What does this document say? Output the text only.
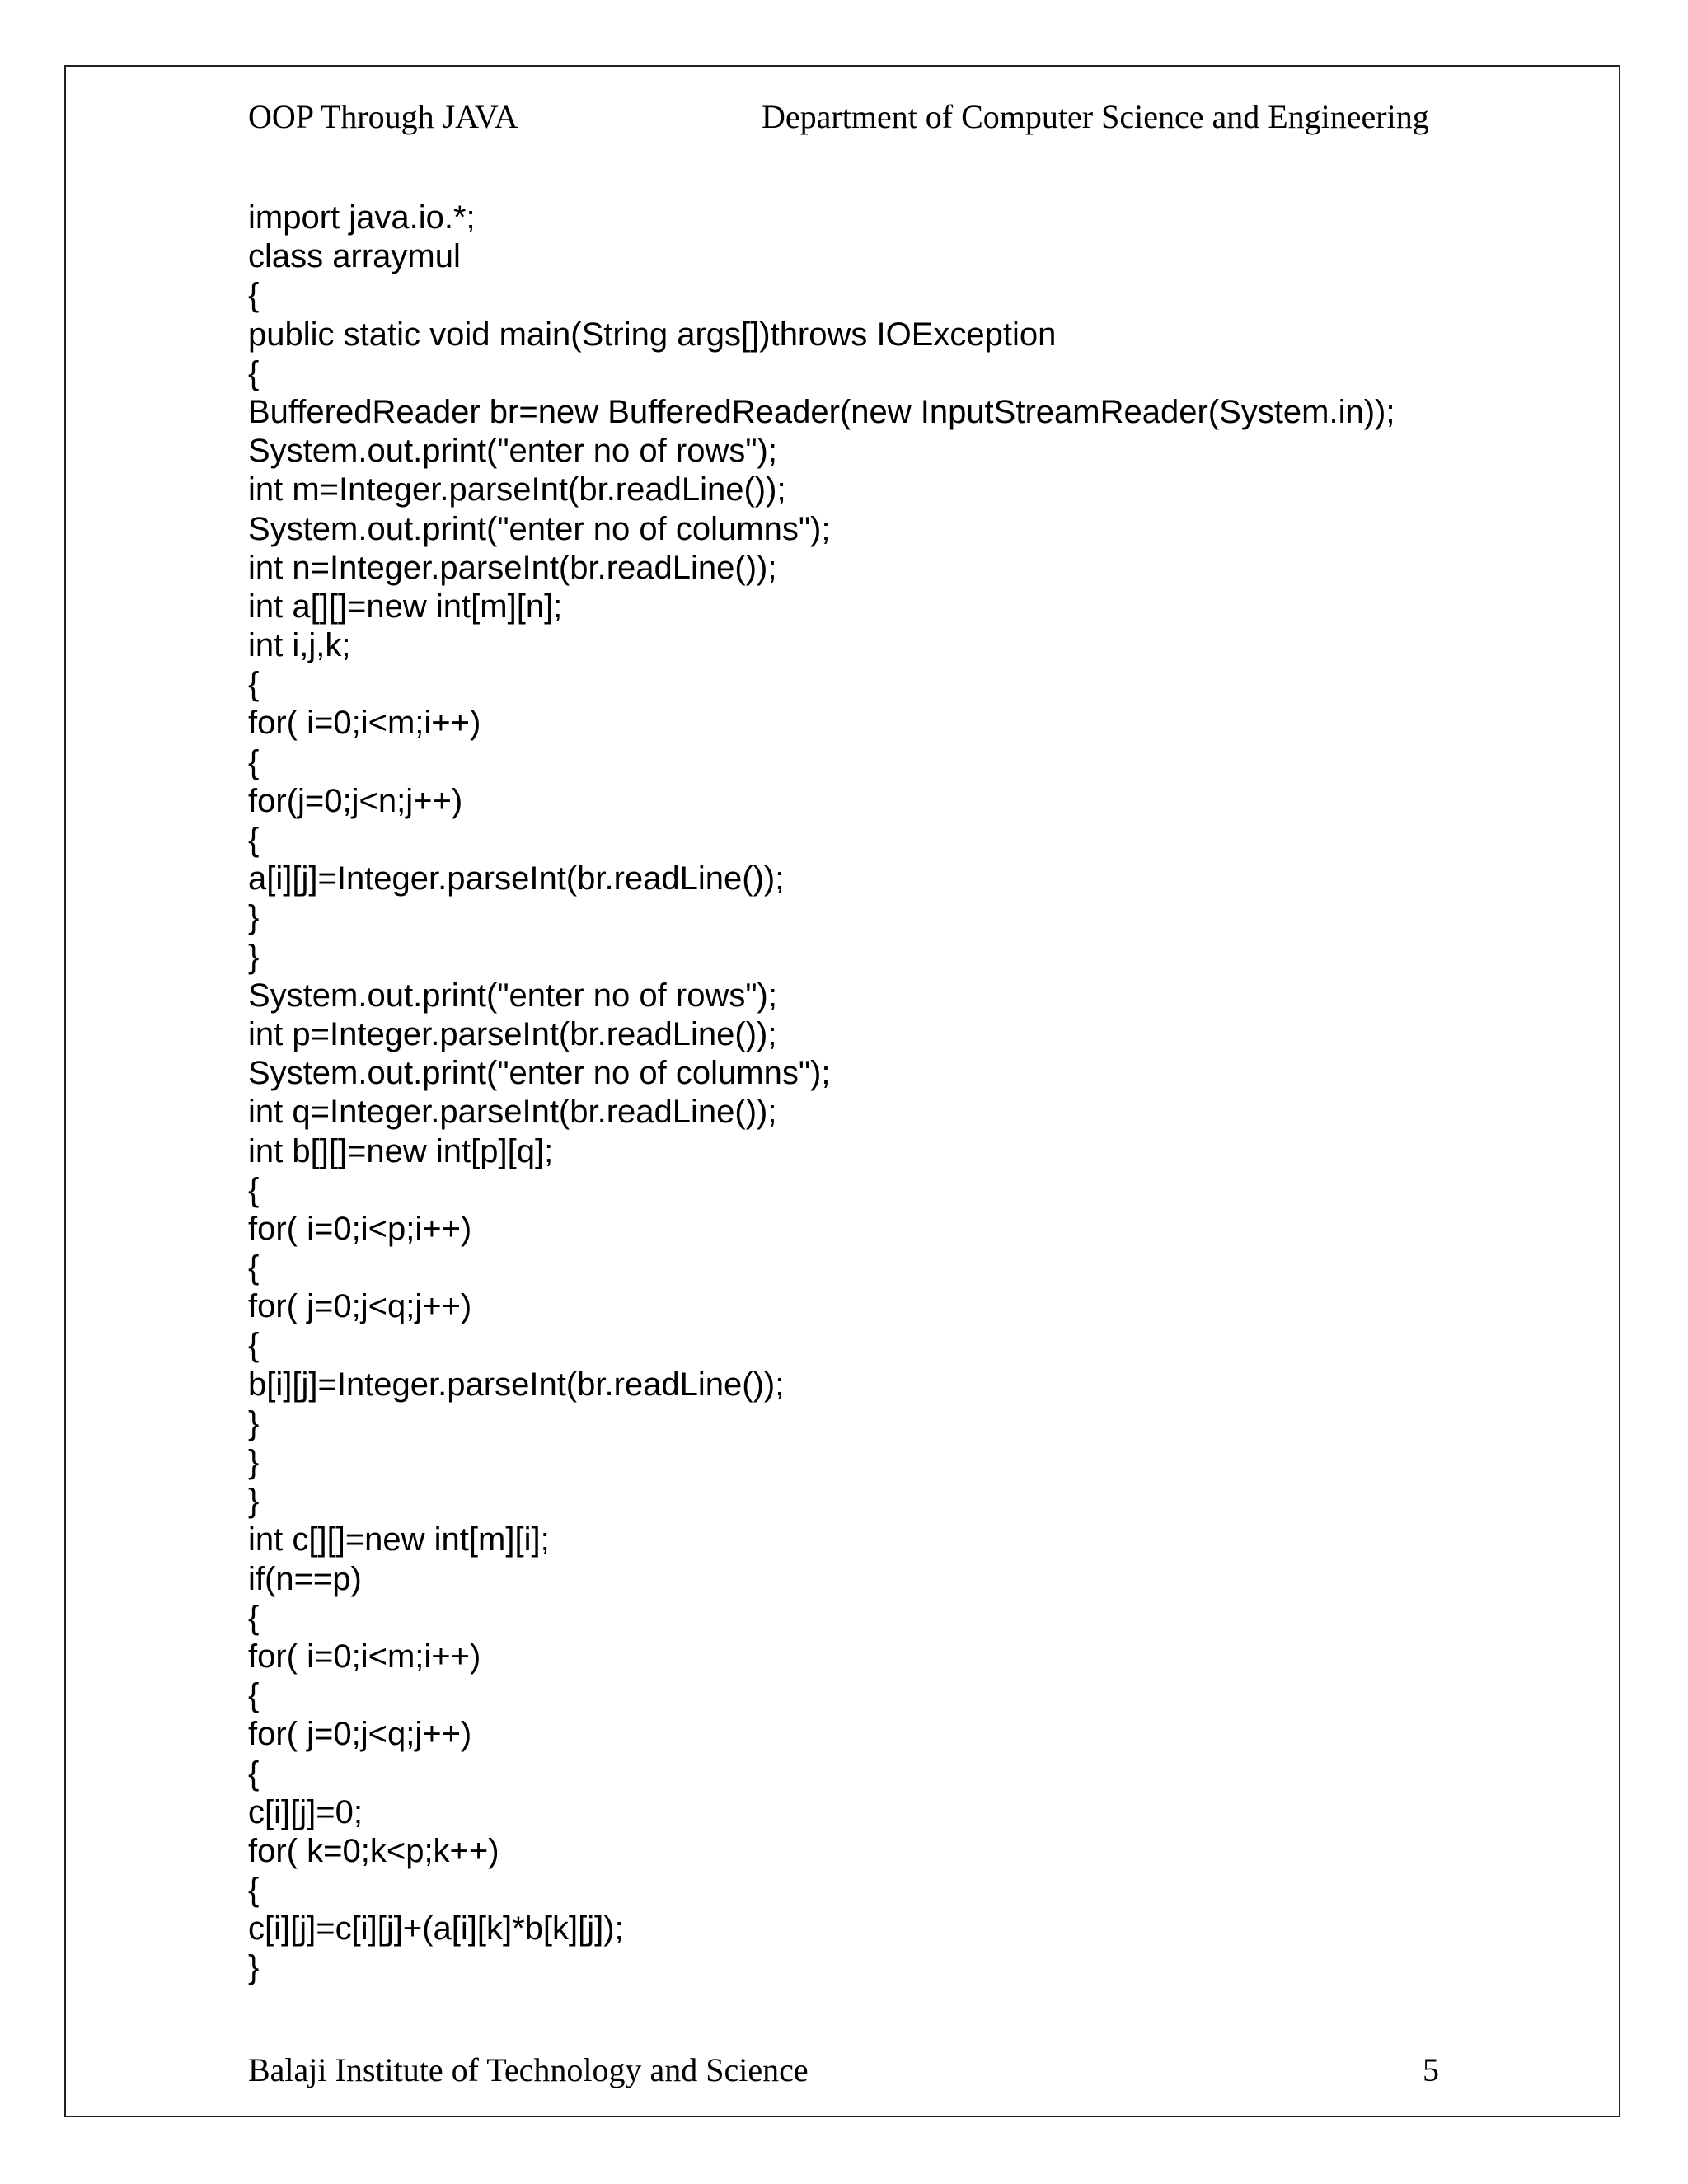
OOP Through JAVA	Department of Computer Science and Engineering
import java.io.*;
class arraymul
{
public static void main(String args[])throws IOException
{
BufferedReader br=new BufferedReader(new InputStreamReader(System.in));
System.out.print("enter no of rows");
int m=Integer.parseInt(br.readLine());
System.out.print("enter no of columns");
int n=Integer.parseInt(br.readLine());
int a[][]=new int[m][n];
int i,j,k;
{
for( i=0;i<m;i++)
{
for(j=0;j<n;j++)
{
a[i][j]=Integer.parseInt(br.readLine());
}
}
System.out.print("enter no of rows");
int p=Integer.parseInt(br.readLine());
System.out.print("enter no of columns");
int q=Integer.parseInt(br.readLine());
int b[][]=new int[p][q];
{
for( i=0;i<p;i++)
{
for( j=0;j<q;j++)
{
b[i][j]=Integer.parseInt(br.readLine());
}
}
}
int c[][]=new int[m][i];
if(n==p)
{
for( i=0;i<m;i++)
{
for( j=0;j<q;j++)
{
c[i][j]=0;
for( k=0;k<p;k++)
{
c[i][j]=c[i][j]+(a[i][k]*b[k][j]);
}
Balaji Institute of Technology and Science	5
